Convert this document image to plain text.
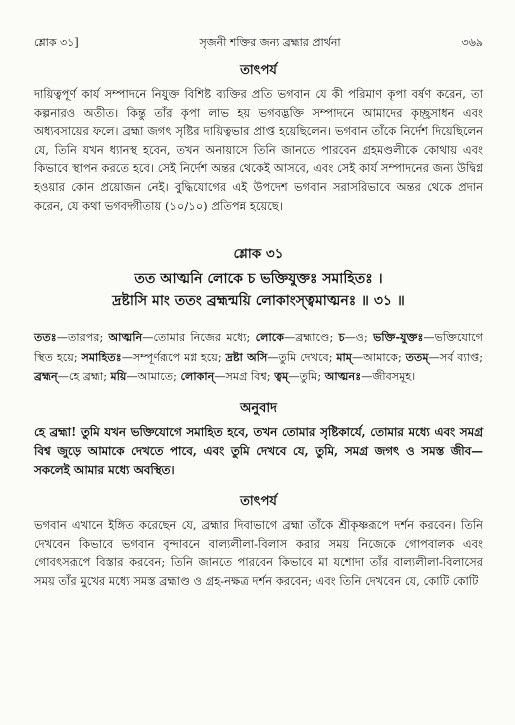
শ্লোক ৩১]	সৃজনী শক্তির জন্য ব্রহ্মার প্রার্থনা	৩৬৯
তাৎপর্য

দায়িত্বপূর্ণ কার্য সম্পাদনে নিযুক্ত বিশিষ্ট ব্যক্তির প্রতি ভগবান যে কী পরিমাণ কৃপা বর্ষণ করেন, তা কল্পনারও অতীত। কিন্তু তাঁর কৃপা লাভ হয় ভগবদ্ভক্তি সম্পাদনে আমাদের কৃচ্ছ্রসাধন এবং অধ্যবসায়ের ফলে। ব্রহ্মা জগৎ সৃষ্টির দায়িত্বভার প্রাপ্ত হয়েছিলেন। ভগবান তাঁকে নির্দেশ দিয়েছিলেন যে, তিনি যখন ধ্যানস্থ হবেন, তখন অনায়াসে তিনি জানতে পারবেন গ্রহমণ্ডলীকে কোথায় এবং কিভাবে স্থাপন করতে হবে। সেই নির্দেশ অন্তর থেকেই আসবে, এবং সেই কার্য সম্পাদনের জন্য উদ্বিগ্ন হওয়ার কোন প্রয়োজন নেই। বুদ্ধিযোগের এই উপদেশ ভগবান সরাসরিভাবে অন্তর থেকে প্রদান করেন, যে কথা ভগবদ্গীতায় (১০/১০) প্রতিপন্ন হয়েছে।

শ্লোক ৩১

তত আত্মনি লোকে চ ভক্তিযুক্তঃ সমাহিতঃ ।

দ্রষ্টাসি মাং ততং ব্রহ্মন্ময়ি লোকাংস্ত্বমাত্মনঃ ॥ ৩১ ॥

ততঃ—তারপর; আত্মনি—তোমার নিজের মধ্যে; লোকে—ব্রহ্মাণ্ডে; চ—ও; ভক্তি-যুক্তঃ—ভক্তিযোগে স্থিত হয়ে; সমাহিতঃ—সম্পূর্ণরূপে মগ্ন হয়ে; দ্রষ্টা অসি—তুমি দেখবে; মাম্—আমাকে; ততম্—সর্ব ব্যাপ্ত; ব্রহ্মন্—হে ব্রহ্মা; ময়ি—আমাতে; লোকান্—সমগ্র বিশ্ব; ত্বম্—তুমি; আত্মনঃ—জীবসমূহ।

অনুবাদ

হে ব্রহ্মা! তুমি যখন ভক্তিযোগে সমাহিত হবে, তখন তোমার সৃষ্টিকার্যে, তোমার মধ্যে এবং সমগ্র বিশ্ব জুড়ে আমাকে দেখতে পাবে, এবং তুমি দেখবে যে, তুমি, সমগ্র জগৎ ও সমস্ত জীব—সকলেই আমার মধ্যে অবস্থিত।

তাৎপর্য

ভগবান এখানে ইঙ্গিত করেছেন যে, ব্রহ্মার দিবাভাগে ব্রহ্মা তাঁকে শ্রীকৃষ্ণরূপে দর্শন করবেন। তিনি দেখবেন কিভাবে ভগবান বৃন্দাবনে বাল্যলীলা-বিলাস করার সময় নিজেকে গোপবালক এবং গোবৎসরূপে বিস্তার করবেন; তিনি জানতে পারবেন কিভাবে মা যশোদা তাঁর বাল্যলীলা-বিলাসের সময় তাঁর মুখের মধ্যে সমস্ত ব্রহ্মাণ্ড ও গ্রহ-নক্ষত্র দর্শন করবেন; এবং তিনি দেখবেন যে, কোটি কোটি
